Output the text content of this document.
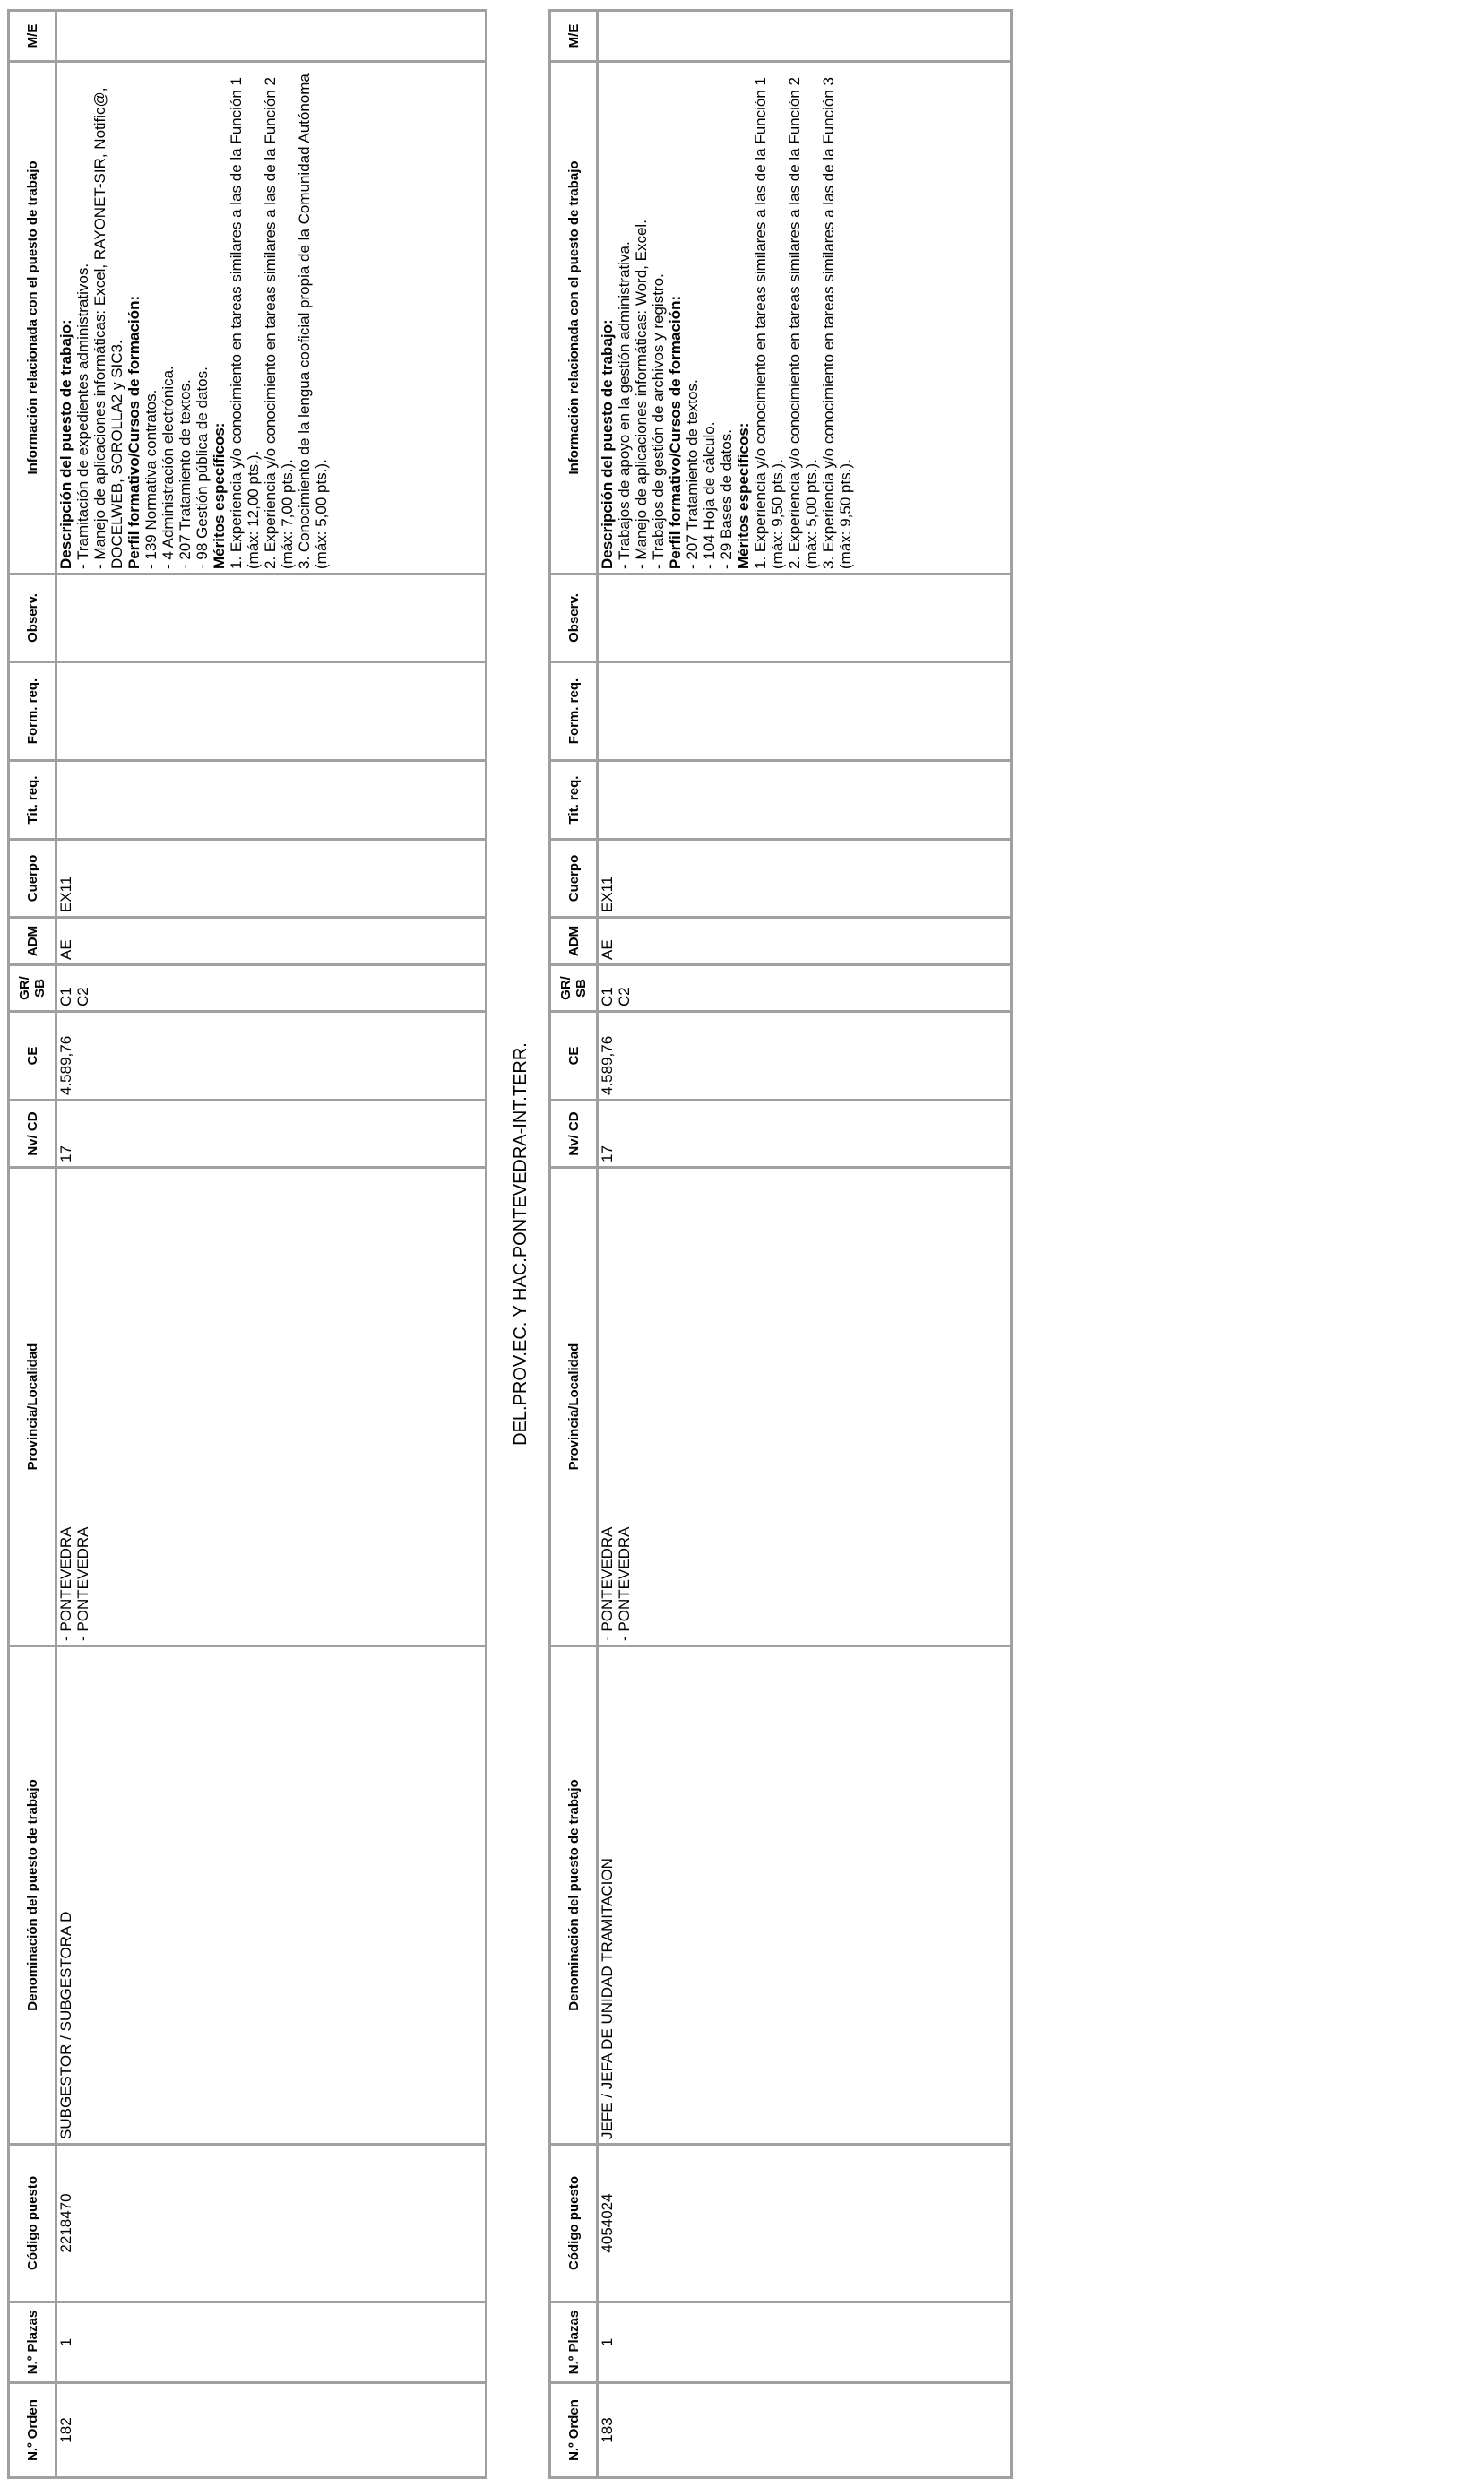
N.º Orden
N.º Plazas
Código puesto
Denominación del puesto de trabajo
Provincia/Localidad
Nv/ CD
CE
GR/ SB
ADM
Cuerpo
Tit. req.
Form. req.
Observ.
Información relacionada con el puesto de trabajo
M/E
182
1
2218470
SUBGESTOR / SUBGESTORA D
- PONTEVEDRA - PONTEVEDRA
17
4.589,76
C1 C2
AE
EX11

Descripción del puesto de trabajo: - Tramitación de expedientes administrativos. - Manejo de aplicaciones informáticas: Excel, RAYONET-SIR, Notific@, DOCELWEB, SOROLLA2 y SIC3. Perfil formativo/Cursos de formación: - 139 Normativa contratos. - 4 Administración electrónica. - 207 Tratamiento de textos. - 98 Gestión pública de datos. Méritos específicos: 1. Experiencia y/o conocimiento en tareas similares a las de la Función 1 (máx: 12,00 pts.). 2. Experiencia y/o conocimiento en tareas similares a las de la Función 2 (máx: 7,00 pts.). 3. Conocimiento de la lengua cooficial propia de la Comunidad Autónoma (máx: 5,00 pts.).

DEL.PROV.EC. Y HAC.PONTEVEDRA-INT.TERR.
N.º Orden
N.º Plazas
Código puesto
Denominación del puesto de trabajo
Provincia/Localidad
Nv/ CD
CE
GR/ SB
ADM
Cuerpo
Tit. req.
Form. req.
Observ.
Información relacionada con el puesto de trabajo
M/E
183
1
4054024
JEFE / JEFA DE UNIDAD TRAMITACION
- PONTEVEDRA - PONTEVEDRA
17
4.589,76
C1 C2
AE
EX11

Descripción del puesto de trabajo: - Trabajos de apoyo en la gestión administrativa. - Manejo de aplicaciones informáticas: Word, Excel. - Trabajos de gestión de archivos y registro. Perfil formativo/Cursos de formación: - 207 Tratamiento de textos. - 104 Hoja de cálculo. - 29 Bases de datos. Méritos específicos: 1. Experiencia y/o conocimiento en tareas similares a las de la Función 1 (máx: 9,50 pts.). 2. Experiencia y/o conocimiento en tareas similares a las de la Función 2 (máx: 5,00 pts.). 3. Experiencia y/o conocimiento en tareas similares a las de la Función 3 (máx: 9,50 pts.).
